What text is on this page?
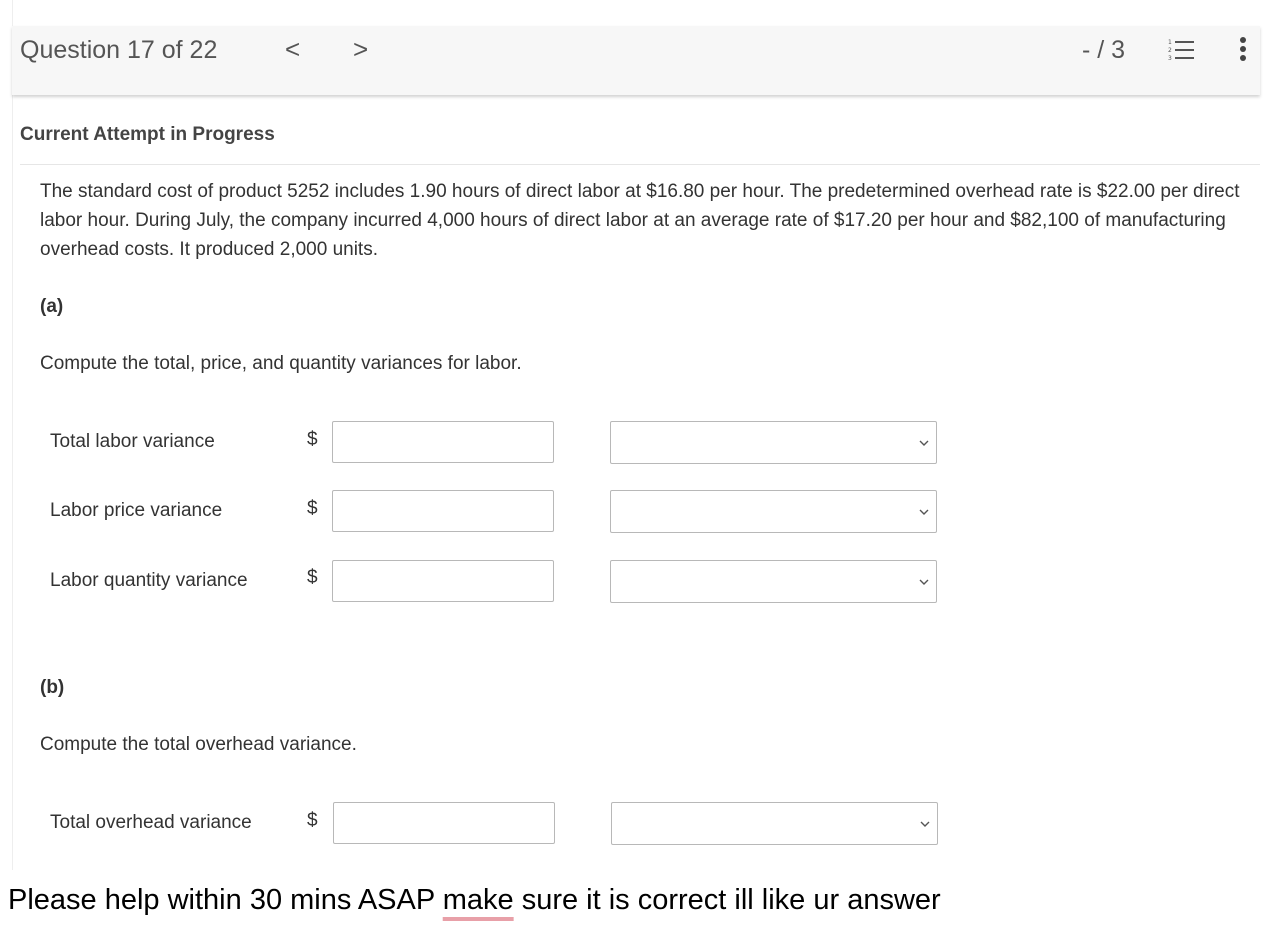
Question 17 of 22	< >	- / 3	1
2
3
Current Attempt in Progress
The standard cost of product 5252 includes 1.90 hours of direct labor at $16.80 per hour. The predetermined overhead rate is $22.00 per direct labor hour. During July, the company incurred 4,000 hours of direct labor at an average rate of $17.20 per hour and $82,100 of manufacturing overhead costs. It produced 2,000 units.
(a)
Compute the total, price, and quantity variances for labor.
Total labor variance	$
Labor price variance	$
Labor quantity variance	$
(b)
Compute the total overhead variance.
Total overhead variance	$
Please help within 30 mins ASAP make sure it is correct ill like ur answer
